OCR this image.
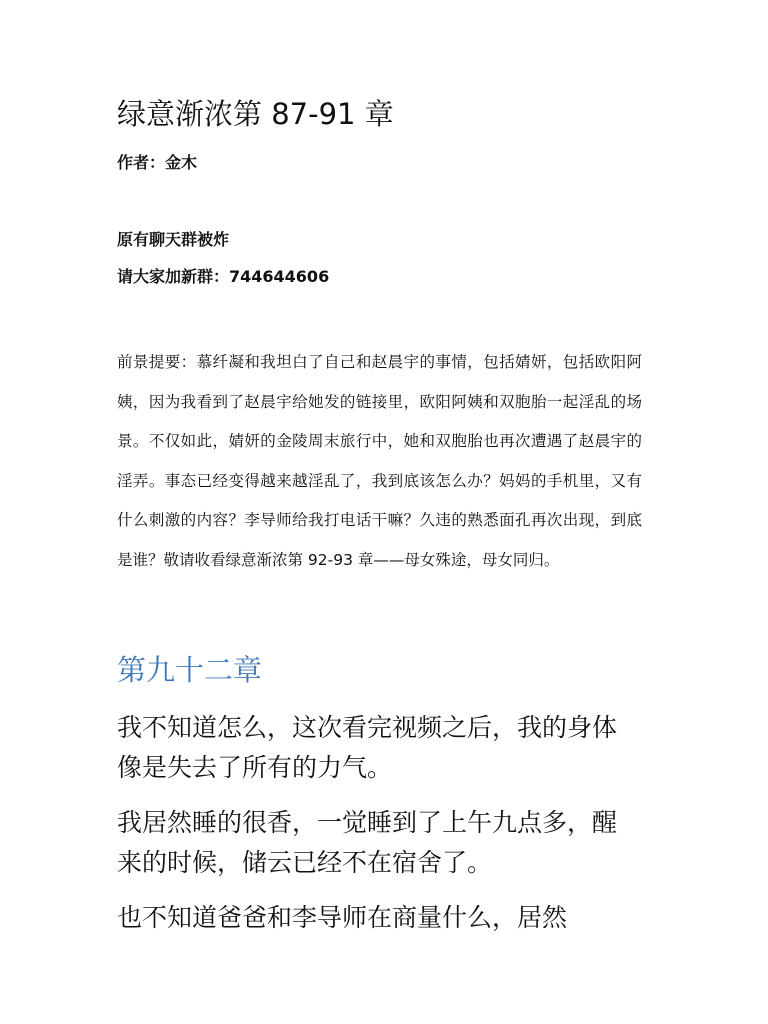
绿意渐浓第 87-91 章
作者：金木
原有聊天群被炸
请大家加新群：744644606

前景提要：慕纤凝和我坦白了自己和赵晨宇的事情，包括婧妍，包括欧阳阿姨，因为我看到了赵晨宇给她发的链接里，欧阳阿姨和双胞胎一起淫乱的场景。不仅如此，婧妍的金陵周末旅行中，她和双胞胎也再次遭遇了赵晨宇的淫弄。事态已经变得越来越淫乱了，我到底该怎么办？妈妈的手机里，又有什么刺激的内容？李导师给我打电话干嘛？久违的熟悉面孔再次出现，到底是谁？敬请收看绿意渐浓第 92-93 章——母女殊途，母女同归。

第九十二章

我不知道怎么，这次看完视频之后，我的身体像是失去了所有的力气。

我居然睡的很香，一觉睡到了上午九点多，醒来的时候，储云已经不在宿舍了。

也不知道爸爸和李导师在商量什么，居然
